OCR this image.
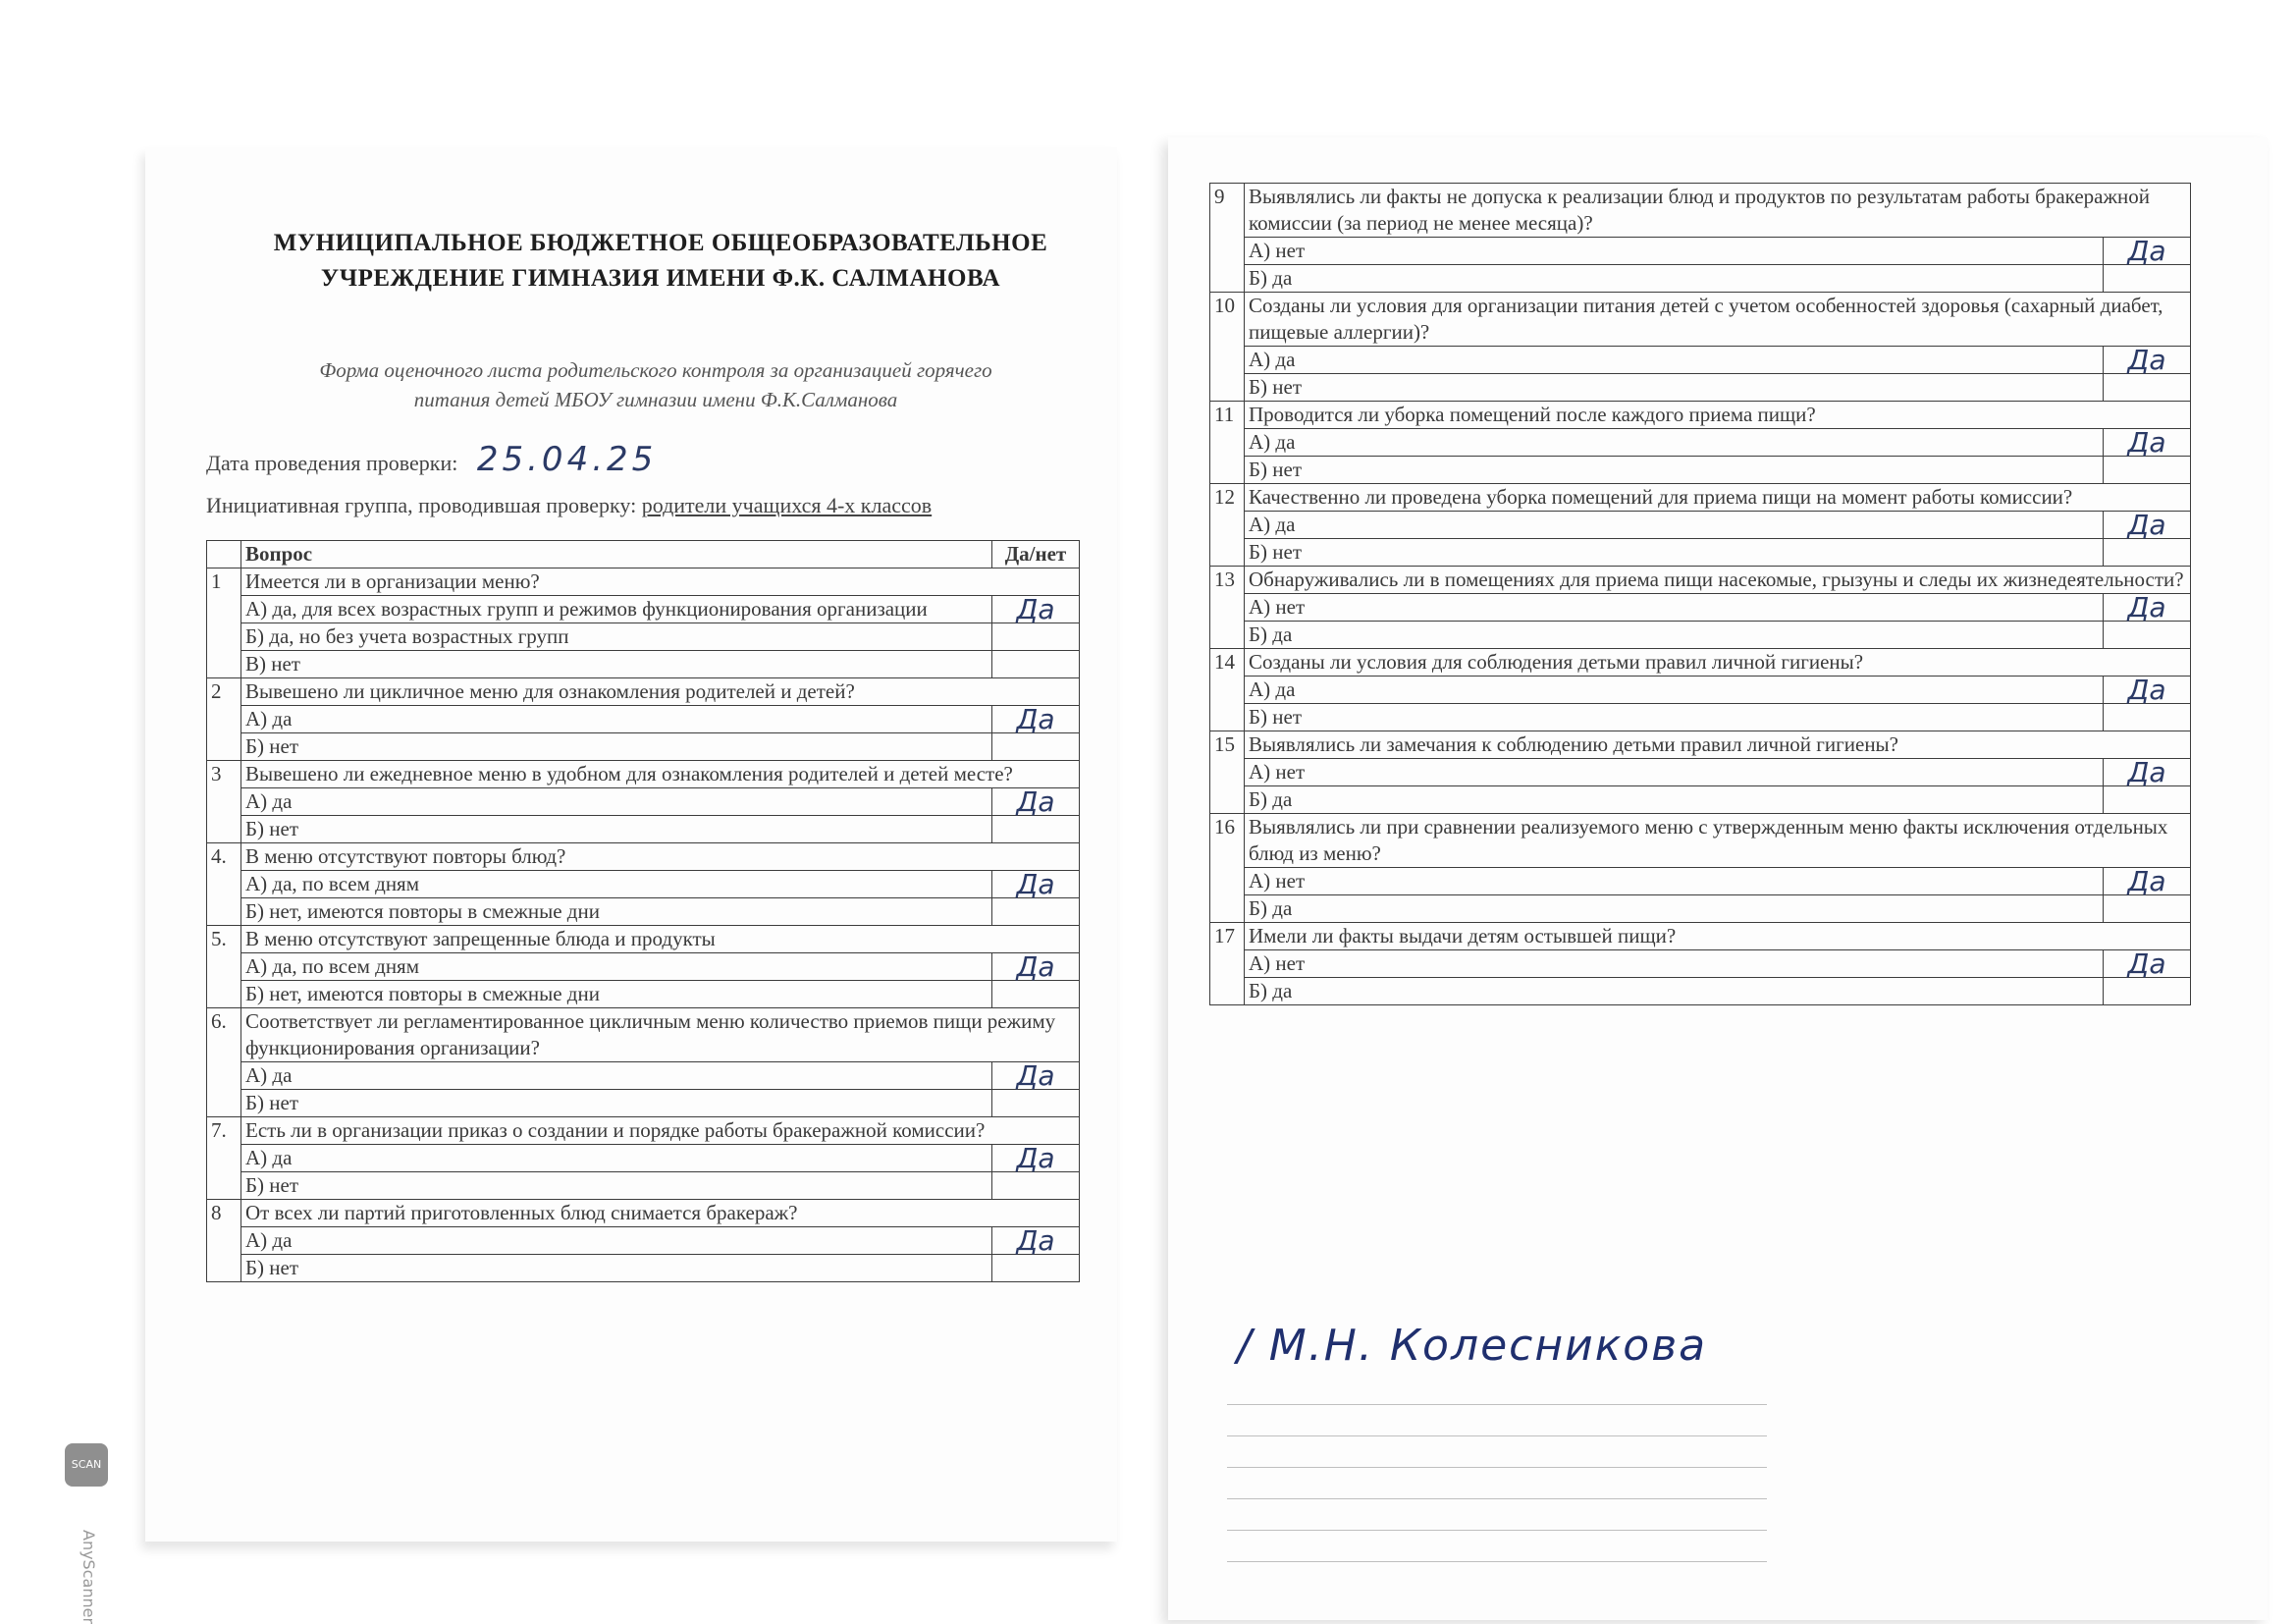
МУНИЦИПАЛЬНОЕ БЮДЖЕТНОЕ ОБЩЕОБРАЗОВАТЕЛЬНОЕ
УЧРЕЖДЕНИЕ ГИМНАЗИЯ ИМЕНИ Ф.К. САЛМАНОВА
Форма оценочного листа родительского контроля за организацией горячего
питания детей МБОУ гимназии имени Ф.К.Салманова
Дата проведения проверки: 25.04.25
Инициативная группа, проводившая проверку: родители учащихся 4-х классов
	Вопрос	Да/нет
1	Имеется ли в организации меню?	
	А) да, для всех возрастных групп и режимов функционирования организации	Да
	Б) да, но без учета возрастных групп	
	В) нет	
2	Вывешено ли цикличное меню для ознакомления родителей и детей?	
	А) да	Да
	Б) нет	
3	Вывешено ли ежедневное меню в удобном для ознакомления родителей и детей месте?	
	А) да	Да
	Б) нет	
4.	В меню отсутствуют повторы блюд?	
	А) да, по всем дням	Да
	Б) нет, имеются повторы в смежные дни	
5.	В меню отсутствуют запрещенные блюда и продукты	
	А) да, по всем дням	Да
	Б) нет, имеются повторы в смежные дни	
6.	Соответствует ли регламентированное цикличным меню количество приемов пищи режиму функционирования организации?	
	А) да	Да
	Б) нет	
7.	Есть ли в организации приказ о создании и порядке работы бракеражной комиссии?	
	А) да	Да
	Б) нет	
8	От всех ли партий приготовленных блюд снимается бракераж?	
	А) да	Да
	Б) нет	
9	Выявлялись ли факты не допуска к реализации блюд и продуктов по результатам работы бракеражной комиссии (за период не менее месяца)?	
	А) нет	Да
	Б) да	
10	Созданы ли условия для организации питания детей с учетом особенностей здоровья (сахарный диабет, пищевые аллергии)?	
	А) да	Да
	Б) нет	
11	Проводится ли уборка помещений после каждого приема пищи?	
	А) да	Да
	Б) нет	
12	Качественно ли проведена уборка помещений для приема пищи на момент работы комиссии?	
	А) да	Да
	Б) нет	
13	Обнаруживались ли в помещениях для приема пищи насекомые, грызуны и следы их жизнедеятельности?	
	А) нет	Да
	Б) да	
14	Созданы ли условия для соблюдения детьми правил личной гигиены?	
	А) да	Да
	Б) нет	
15	Выявлялись ли замечания к соблюдению детьми правил личной гигиены?	
	А) нет	Да
	Б) да	
16	Выявлялись ли при сравнении реализуемого меню с утвержденным меню факты исключения отдельных блюд из меню?	
	А) нет	Да
	Б) да	
17	Имели ли факты выдачи детям остывшей пищи?	
	А) нет	Да
	Б) да	
/ М.Н. Колесникова
SCAN
AnyScanner
